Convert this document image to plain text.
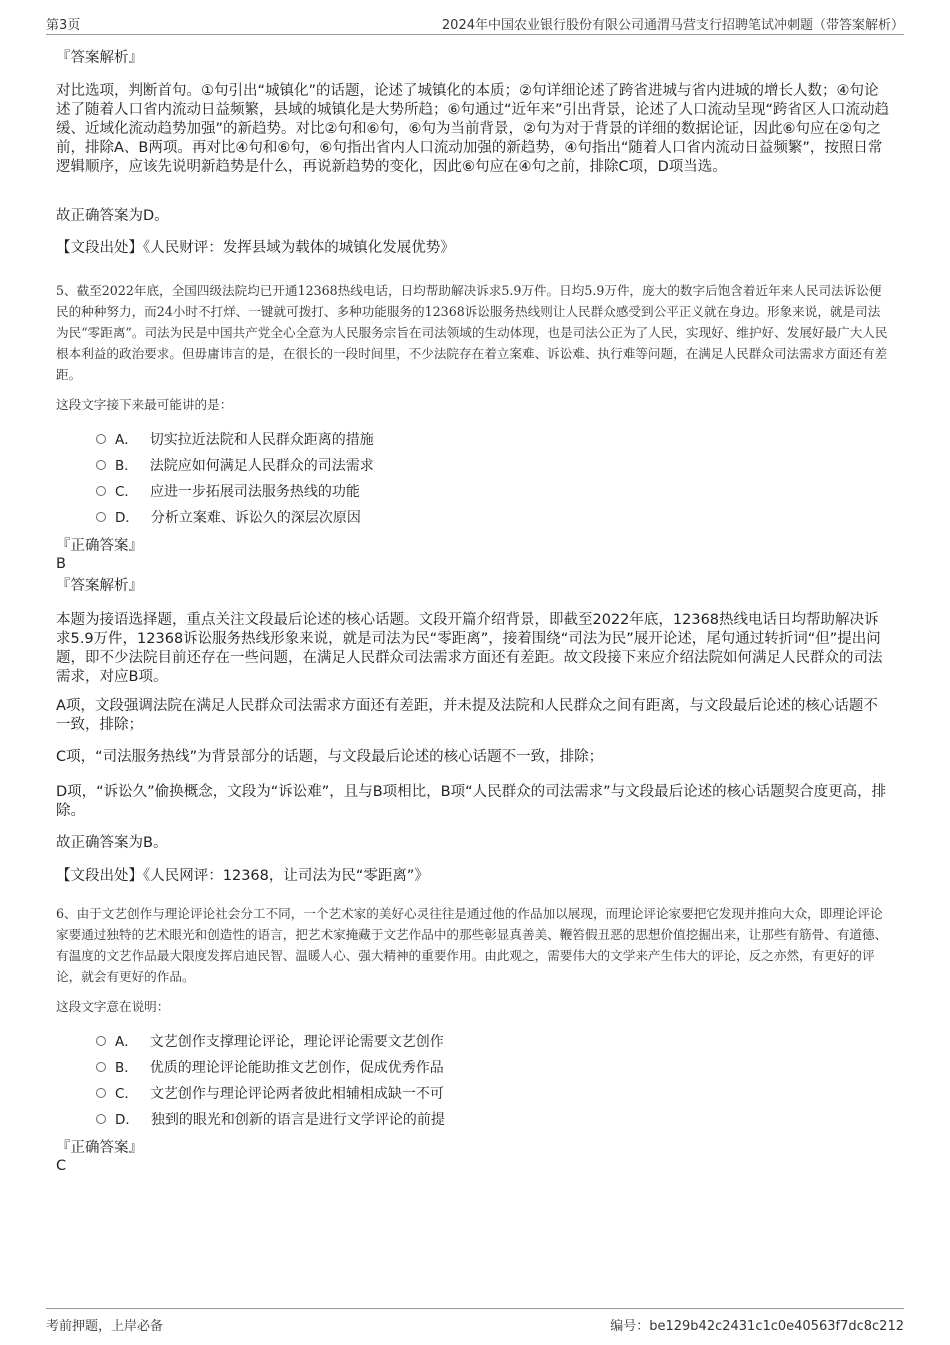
第3页	2024年中国农业银行股份有限公司通渭马营支行招聘笔试冲刺题（带答案解析）
『答案解析』
对比选项，判断首句。①句引出“城镇化”的话题，论述了城镇化的本质；②句详细论述了跨省进城与省内进城的增长人数；④句论述了随着人口省内流动日益频繁，县域的城镇化是大势所趋；⑥句通过“近年来”引出背景，论述了人口流动呈现“跨省区人口流动趋缓、近域化流动趋势加强”的新趋势。对比②句和⑥句，⑥句为当前背景，②句为对于背景的详细的数据论证，因此⑥句应在②句之前，排除A、B两项。再对比④句和⑥句，⑥句指出省内人口流动加强的新趋势，④句指出“随着人口省内流动日益频繁”，按照日常逻辑顺序，应该先说明新趋势是什么，再说新趋势的变化，因此⑥句应在④句之前，排除C项，D项当选。
故正确答案为D。
【文段出处】《人民财评：发挥县域为载体的城镇化发展优势》
5、截至2022年底，全国四级法院均已开通12368热线电话，日均帮助解决诉求5.9万件。日均5.9万件，庞大的数字后饱含着近年来人民司法诉讼便民的种种努力，而24小时不打烊、一键就可拨打、多种功能服务的12368诉讼服务热线则让人民群众感受到公平正义就在身边。形象来说，就是司法为民“零距离”。司法为民是中国共产党全心全意为人民服务宗旨在司法领域的生动体现，也是司法公正为了人民，实现好、维护好、发展好最广大人民根本利益的政治要求。但毋庸讳言的是，在很长的一段时间里，不少法院存在着立案难、诉讼难、执行难等问题，在满足人民群众司法需求方面还有差距。
这段文字接下来最可能讲的是：
A． 切实拉近法院和人民群众距离的措施
B． 法院应如何满足人民群众的司法需求
C． 应进一步拓展司法服务热线的功能
D． 分析立案难、诉讼久的深层次原因
『正确答案』
B
『答案解析』
本题为接语选择题，重点关注文段最后论述的核心话题。文段开篇介绍背景，即截至2022年底，12368热线电话日均帮助解决诉求5.9万件，12368诉讼服务热线形象来说，就是司法为民“零距离”，接着围绕“司法为民”展开论述，尾句通过转折词“但”提出问题，即不少法院目前还存在一些问题，在满足人民群众司法需求方面还有差距。故文段接下来应介绍法院如何满足人民群众的司法需求，对应B项。
A项，文段强调法院在满足人民群众司法需求方面还有差距，并未提及法院和人民群众之间有距离，与文段最后论述的核心话题不一致，排除；
C项，“司法服务热线”为背景部分的话题，与文段最后论述的核心话题不一致，排除；
D项，“诉讼久”偷换概念，文段为“诉讼难”，且与B项相比，B项“人民群众的司法需求”与文段最后论述的核心话题契合度更高，排除。
故正确答案为B。
【文段出处】《人民网评：12368，让司法为民“零距离”》
6、由于文艺创作与理论评论社会分工不同，一个艺术家的美好心灵往往是通过他的作品加以展现，而理论评论家要把它发现并推向大众，即理论评论家要通过独特的艺术眼光和创造性的语言，把艺术家掩藏于文艺作品中的那些彰显真善美、鞭笞假丑恶的思想价值挖掘出来，让那些有筋骨、有道德、有温度的文艺作品最大限度发挥启迪民智、温暖人心、强大精神的重要作用。由此观之，需要伟大的文学来产生伟大的评论，反之亦然，有更好的评论，就会有更好的作品。
这段文字意在说明：
A． 文艺创作支撑理论评论，理论评论需要文艺创作
B． 优质的理论评论能助推文艺创作，促成优秀作品
C． 文艺创作与理论评论两者彼此相辅相成缺一不可
D． 独到的眼光和创新的语言是进行文学评论的前提
『正确答案』
C
考前押题，上岸必备	编号：be129b42c2431c1c0e40563f7dc8c212
